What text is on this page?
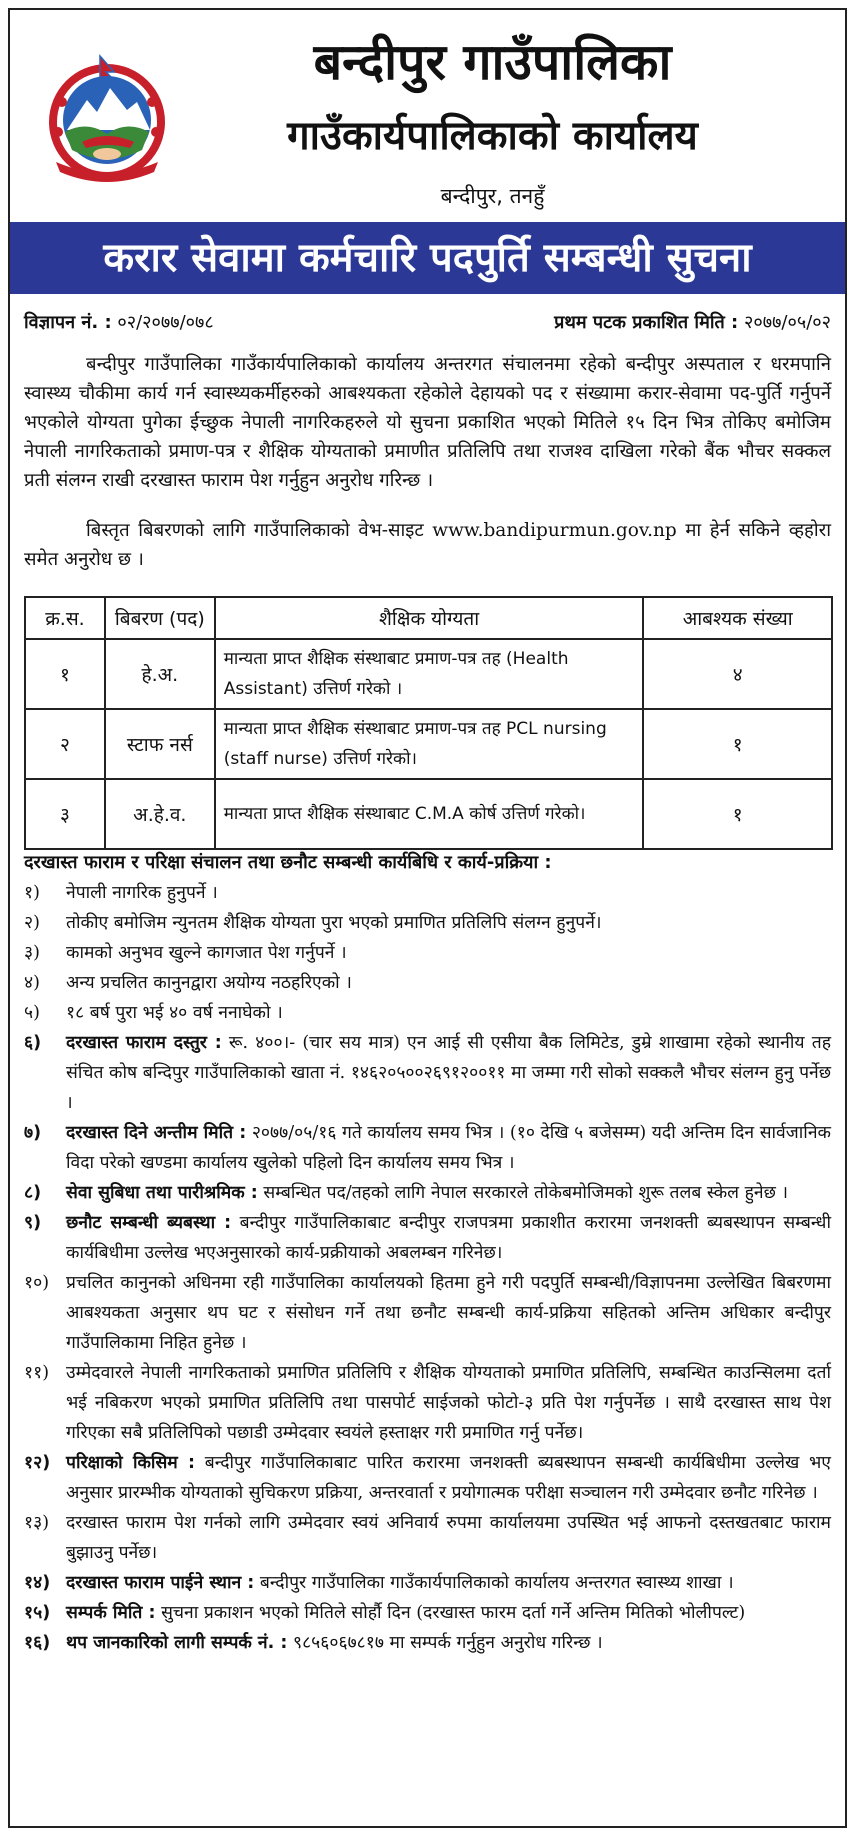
बन्दीपुर गाउँपालिका
गाउँकार्यपालिकाको कार्यालय
बन्दीपुर, तनहुँ
करार सेवामा कर्मचारि पदपुर्ति सम्बन्धी सुचना
विज्ञापन नं. : ०२/२०७७/०७८	प्रथम पटक प्रकाशित मिति : २०७७/०५/०२
बन्दीपुर गाउँपालिका गाउँकार्यपालिकाको कार्यालय अन्तरगत संचालनमा रहेको बन्दीपुर अस्पताल र धरमपानि स्वास्थ्य चौकीमा कार्य गर्न स्वास्थ्यकर्मीहरुको आबश्यकता रहेकोले देहायको पद र संख्यामा करार-सेवामा पद-पुर्ति गर्नुपर्ने भएकोले योग्यता पुगेका ईच्छुक नेपाली नागरिकहरुले यो सुचना प्रकाशित भएको मितिले १५ दिन भित्र तोकिए बमोजिम नेपाली नागरिकताको प्रमाण-पत्र र शैक्षिक योग्यताको प्रमाणीत प्रतिलिपि तथा राजश्व दाखिला गरेको बैंक भौचर सक्कल प्रती संलग्न राखी दरखास्त फाराम पेश गर्नुहुन अनुरोध गरिन्छ ।
बिस्तृत बिबरणको लागि गाउँपालिकाको वेभ-साइट www.bandipurmun.gov.np मा हेर्न सकिने व्हहोरा समेत अनुरोध छ ।
क्र.स.	बिबरण (पद)	शैक्षिक योग्यता	आबश्यक संख्या
१	हे.अ.	मान्यता प्राप्त शैक्षिक संस्थाबाट प्रमाण-पत्र तह (Health Assistant) उत्तिर्ण गरेको ।	४
२	स्टाफ नर्स	मान्यता प्राप्त शैक्षिक संस्थाबाट प्रमाण-पत्र तह PCL nursing (staff nurse) उत्तिर्ण गरेको।	१
३	अ.हे.व.	मान्यता प्राप्त शैक्षिक संस्थाबाट C.M.A कोर्ष उत्तिर्ण गरेको।	१
दरखास्त फाराम र परिक्षा संचालन तथा छनौट सम्बन्धी कार्यबिधि र कार्य-प्रक्रिया :
१)	नेपाली नागरिक हुनुपर्ने ।
२)	तोकीए बमोजिम न्युनतम शैक्षिक योग्यता पुरा भएको प्रमाणित प्रतिलिपि संलग्न हुनुपर्ने।
३)	कामको अनुभव खुल्ने कागजात पेश गर्नुपर्ने ।
४)	अन्य प्रचलित कानुनद्वारा अयोग्य नठहरिएको ।
५)	१८ बर्ष पुरा भई ४० वर्ष ननाघेको ।
६)	दरखास्त फाराम दस्तुर : रू. ४००।- (चार सय मात्र) एन आई सी एसीया बैक लिमिटेड, डुम्रे शाखामा रहेको स्थानीय तह संचित कोष बन्दिपुर गाउँपालिकाको खाता नं. १४६२०५००२६९१२००११ मा जम्मा गरी सोको सक्कलै भौचर संलग्न हुनु पर्नेछ ।
७)	दरखास्त दिने अन्तीम मिति : २०७७/०५/१६ गते कार्यालय समय भित्र । (१० देखि ५ बजेसम्म) यदी अन्तिम दिन सार्वजानिक विदा परेको खण्डमा कार्यालय खुलेको पहिलो दिन कार्यालय समय भित्र ।
८)	सेवा सुबिधा तथा पारीश्रमिक : सम्बन्धित पद/तहको लागि नेपाल सरकारले तोकेबमोजिमको शुरू तलब स्केल हुनेछ ।
९)	छनौट सम्बन्धी ब्यबस्था : बन्दीपुर गाउँपालिकाबाट बन्दीपुर राजपत्रमा प्रकाशीत करारमा जनशक्ती ब्यबस्थापन सम्बन्धी कार्यबिधीमा उल्लेख भएअनुसारको कार्य-प्रक्रीयाको अबलम्बन गरिनेछ।
१०) प्रचलित कानुनको अधिनमा रही गाउँपालिका कार्यालयको हितमा हुने गरी पदपुर्ति सम्बन्धी/विज्ञापनमा उल्लेखित बिबरणमा आबश्यकता अनुसार थप घट र संसोधन गर्ने तथा छनौट सम्बन्धी कार्य-प्रक्रिया सहितको अन्तिम अधिकार बन्दीपुर गाउँपालिकामा निहित हुनेछ ।
११) उम्मेदवारले नेपाली नागरिकताको प्रमाणित प्रतिलिपि र शैक्षिक योग्यताको प्रमाणित प्रतिलिपि, सम्बन्धित काउन्सिलमा दर्ता भई नबिकरण भएको प्रमाणित प्रतिलिपि तथा पासपोर्ट साईजको फोटो-३ प्रति पेश गर्नुपर्नेछ । साथै दरखास्त साथ पेश गरिएका सबै प्रतिलिपिको पछाडी उम्मेदवार स्वयंले हस्ताक्षर गरी प्रमाणित गर्नु पर्नेछ।
१२) परिक्षाको किसिम : बन्दीपुर गाउँपालिकाबाट पारित करारमा जनशक्ती ब्यबस्थापन सम्बन्धी कार्यबिधीमा उल्लेख भए अनुसार प्रारम्भीक योग्यताको सुचिकरण प्रक्रिया, अन्तरवार्ता र प्रयोगात्मक परीक्षा सञ्चालन गरी उम्मेदवार छनौट गरिनेछ ।
१३) दरखास्त फाराम पेश गर्नको लागि उम्मेदवार स्वयं अनिवार्य रुपमा कार्यालयमा उपस्थित भई आफनो दस्तखतबाट फाराम बुझाउनु पर्नेछ।
१४) दरखास्त फाराम पाईने स्थान : बन्दीपुर गाउँपालिका गाउँकार्यपालिकाको कार्यालय अन्तरगत स्वास्थ्य शाखा ।
१५) सम्पर्क मिति : सुचना प्रकाशन भएको मितिले सोर्हौ दिन (दरखास्त फारम दर्ता गर्ने अन्तिम मितिको भोलीपल्ट)
१६) थप जानकारिको लागी सम्पर्क नं. : ९८५६०६७८१७ मा सम्पर्क गर्नुहुन अनुरोध गरिन्छ ।
